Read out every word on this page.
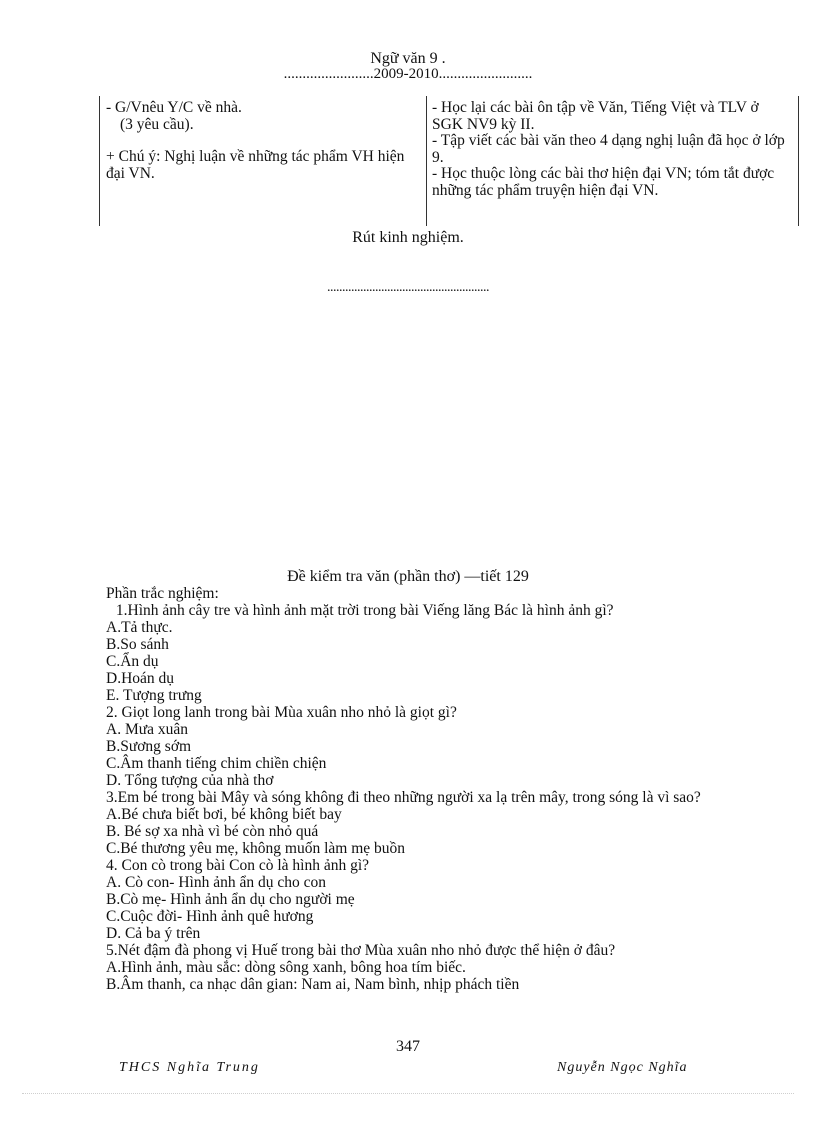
Ngữ văn 9 .
........................2009-2010.........................

- G/Vnêu Y/C về nhà.

(3 yêu cầu).

+ Chú ý: Nghị luận về những tác phẩm VH hiện đại VN.

- Học lại các bài ôn tập về Văn, Tiếng Việt và TLV ở SGK NV9 kỳ II.

- Tập viết các bài văn theo 4 dạng nghị luận đã học ở lớp 9.

- Học thuộc lòng các bài thơ hiện đại VN; tóm tắt được những tác phẩm truyện hiện đại VN.

Rút kinh nghiệm.
......................................................
Đề kiểm tra văn (phần thơ) —tiết 129

Phần trắc nghiệm:

1.Hình ảnh cây tre và hình ảnh mặt trời trong bài Viếng lăng Bác là hình ảnh gì?

A.Tả thực.

B.So sánh

C.Ẩn dụ

D.Hoán dụ

E. Tượng trưng

2. Giọt long lanh trong bài Mùa xuân nho nhỏ là giọt gì?

A. Mưa xuân

B.Sương sớm

C.Âm thanh tiếng chim chiền chiện

D. Tổng tượng của nhà thơ

3.Em bé trong bài Mây và sóng không đi theo những người xa lạ trên mây, trong sóng là vì sao?

A.Bé chưa biết bơi, bé không biết bay

B. Bé sợ xa nhà vì bé còn nhỏ quá

C.Bé thương yêu mẹ, không muốn làm mẹ buồn

4. Con cò trong bài Con cò là hình ảnh gì?

A. Cò con- Hình ảnh ẩn dụ cho con

B.Cò mẹ- Hình ảnh ẩn dụ cho người mẹ

C.Cuộc đời- Hình ảnh quê hương

D. Cả ba ý trên

5.Nét đậm đà phong vị Huế trong bài thơ Mùa xuân nho nhỏ được thể hiện ở đâu?

A.Hình ảnh, màu sắc: dòng sông xanh, bông hoa tím biếc.

B.Âm thanh, ca nhạc dân gian: Nam ai, Nam bình, nhịp phách tiền

347
THCS Nghĩa Trung	Nguyễn Ngọc Nghĩa
